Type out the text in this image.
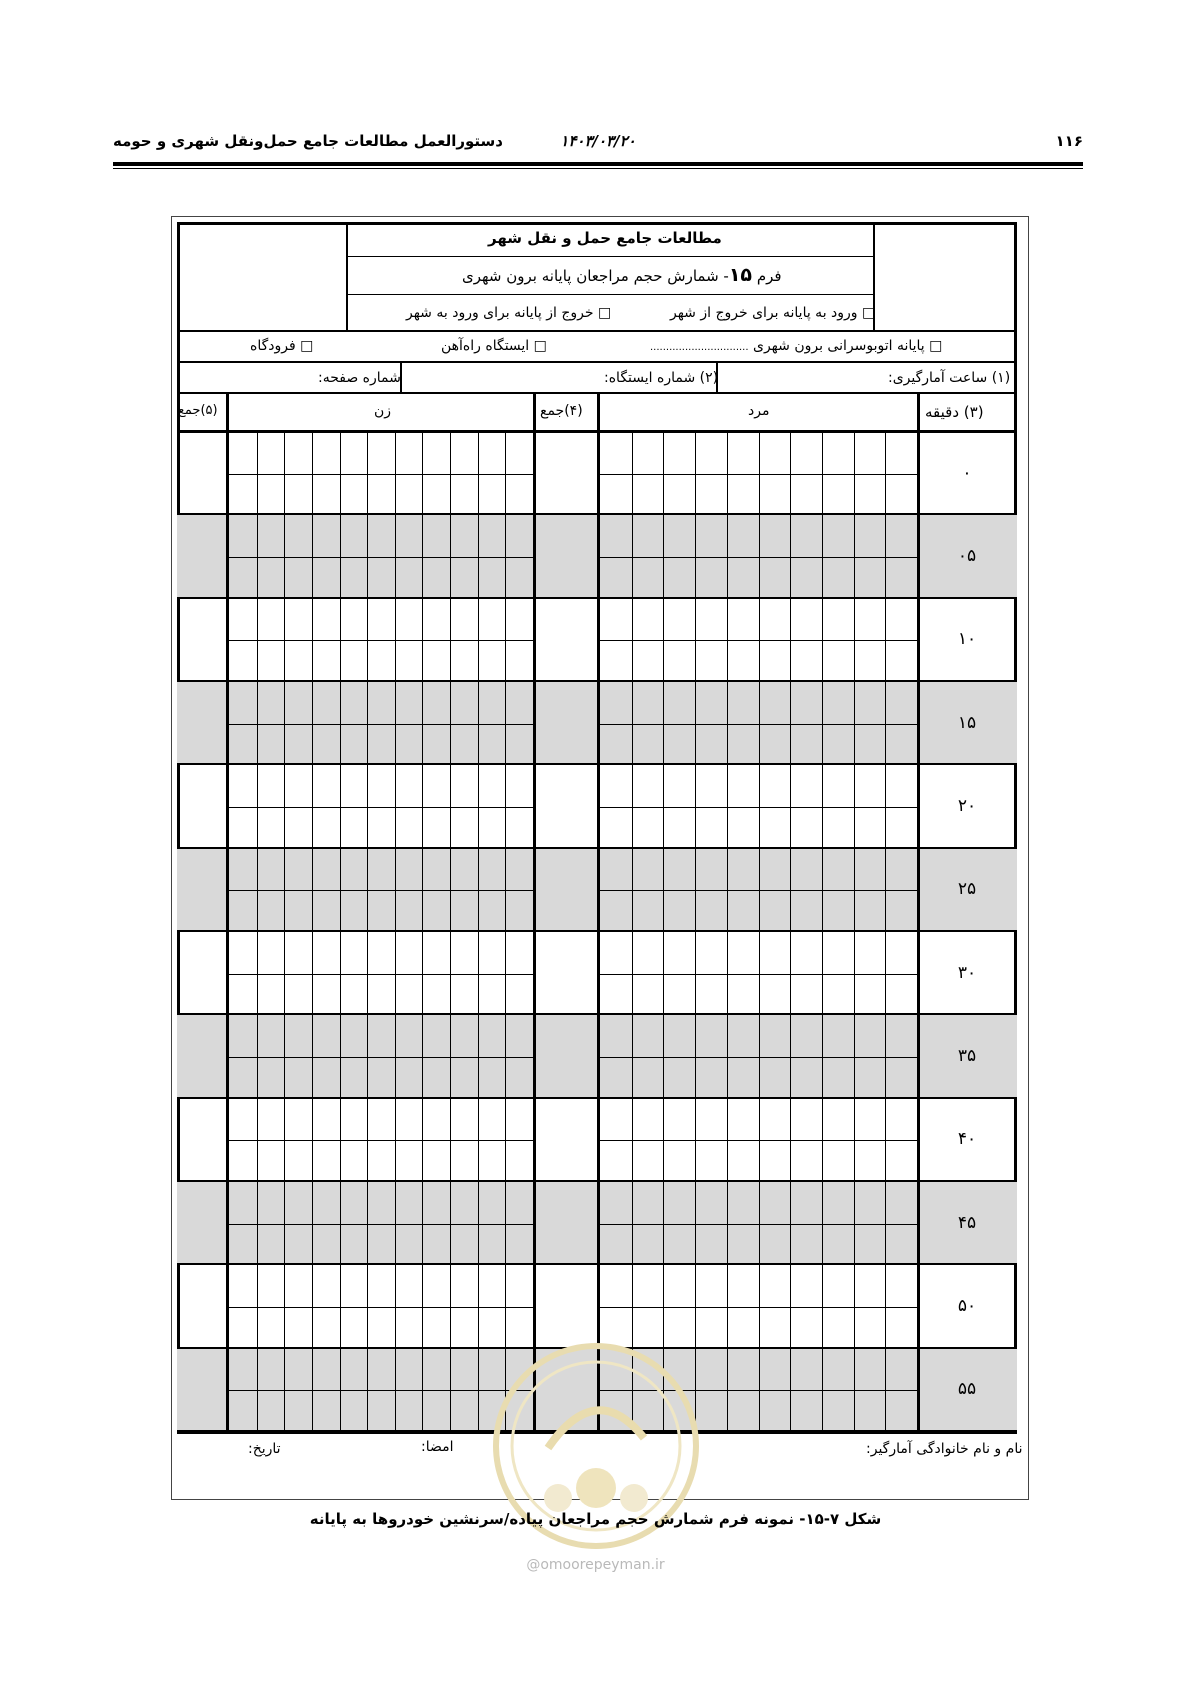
۱۱۶
۱۴۰۳/۰۳/۲۰
دستورالعمل مطالعات جامع حمل‌ونقل شهری و حومه
مطالعات جامع حمل و نقل شهر
فرم ۱۵- شمارش حجم مراجعان پایانه برون شهری
□ ورود به پایانه برای خروج از شهر
□ خروج از پایانه برای ورود به شهر
□ پایانه اتوبوسرانی برون شهری ...............................
□ ایستگاه راه‌آهن
□ فرودگاه
(۱) ساعت آمارگیری:
(۲) شماره ایستگاه:
شماره صفحه:
(۳) دقیقه
مرد
(۴)جمع
زن
(۵)جمع
۰
۰۵
۱۰
۱۵
۲۰
۲۵
۳۰
۳۵
۴۰
۴۵
۵۰
۵۵
نام و نام خانوادگی آمارگیر:
امضا:
تاریخ:
@omoorepeyman.ir
شکل ۷-۱۵- نمونه فرم شمارش حجم مراجعان پیاده/سرنشین خودروها به پایانه
